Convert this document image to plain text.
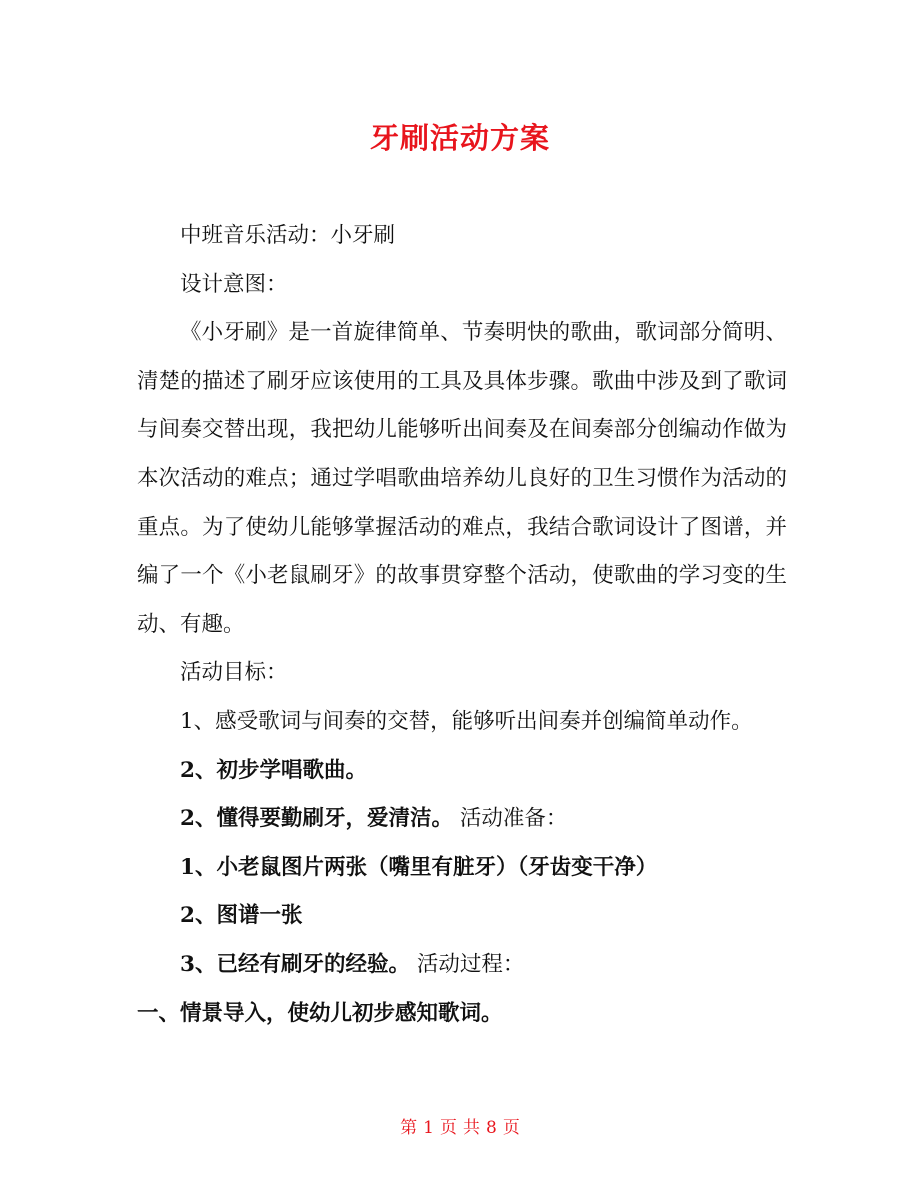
牙刷活动方案

中班音乐活动：小牙刷

设计意图：

《小牙刷》是一首旋律简单、节奏明快的歌曲，歌词部分简明、清楚的描述了刷牙应该使用的工具及具体步骤。歌曲中涉及到了歌词与间奏交替出现，我把幼儿能够听出间奏及在间奏部分创编动作做为本次活动的难点；通过学唱歌曲培养幼儿良好的卫生习惯作为活动的重点。为了使幼儿能够掌握活动的难点，我结合歌词设计了图谱，并编了一个《小老鼠刷牙》的故事贯穿整个活动，使歌曲的学习变的生动、有趣。

活动目标：

1、感受歌词与间奏的交替，能够听出间奏并创编简单动作。

2、初步学唱歌曲。

2、懂得要勤刷牙，爱清洁。 活动准备：

1、小老鼠图片两张（嘴里有脏牙）（牙齿变干净）

2、图谱一张

3、已经有刷牙的经验。 活动过程：

一、情景导入，使幼儿初步感知歌词。

第 1 页 共 8 页
